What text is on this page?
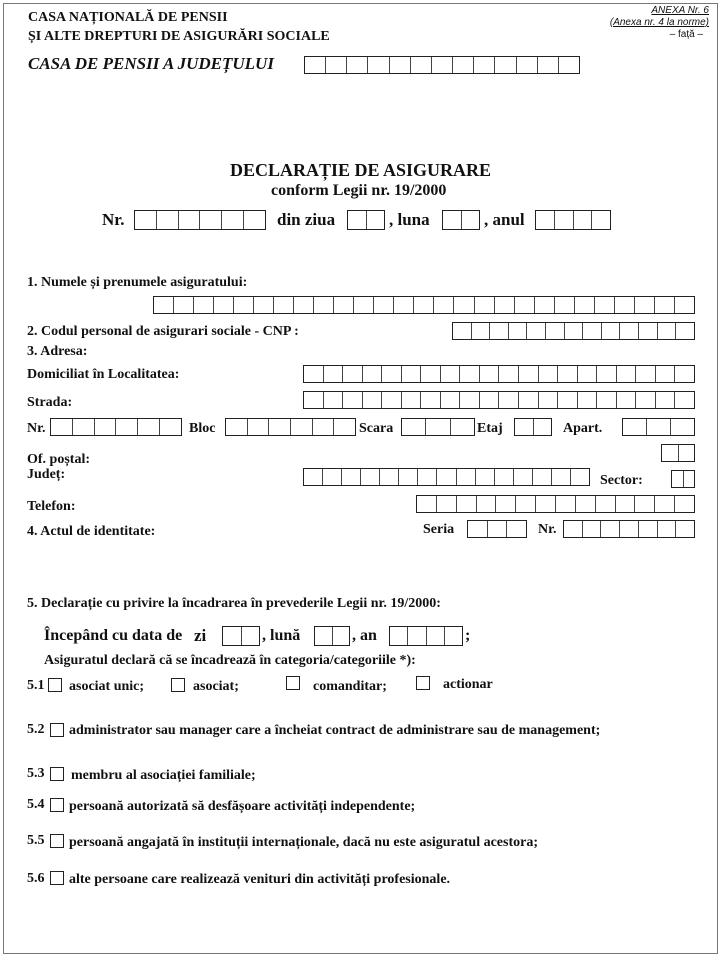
CASA NAȚIONALĂ DE PENSII
ȘI ALTE DREPTURI DE ASIGURĂRI SOCIALE
CASA DE PENSII A JUDEȚULUI
ANEXA Nr. 6
(Anexa nr. 4 la norme)
– față –
DECLARAȚIE DE ASIGURARE
conform Legii nr. 19/2000
Nr.	din ziua	, luna	, anul
1. Numele și prenumele asiguratului:
2. Codul personal de asigurari sociale - CNP :
3. Adresa:
Domiciliat în Localitatea:
Strada:
Nr.	Bloc	Scara	Etaj	Apart.
Of. poștal:
Județ:	Sector:
Telefon:
4. Actul de identitate:	Seria	Nr.
5. Declarație cu privire la încadrarea în prevederile Legii nr. 19/2000:
Începând cu data de zi	, lună	, an	;
Asiguratul declară că se încadrează în categoria/categoriile *):
5.1 asociat unic;	asociat;	comanditar;	actionar
5.2 administrator sau manager care a încheiat contract de administrare sau de management;
5.3 membru al asociației familiale;
5.4 persoană autorizată să desfășoare activități independente;
5.5 persoană angajată în instituții internaționale, dacă nu este asiguratul acestora;
5.6 alte persoane care realizează venituri din activități profesionale.
